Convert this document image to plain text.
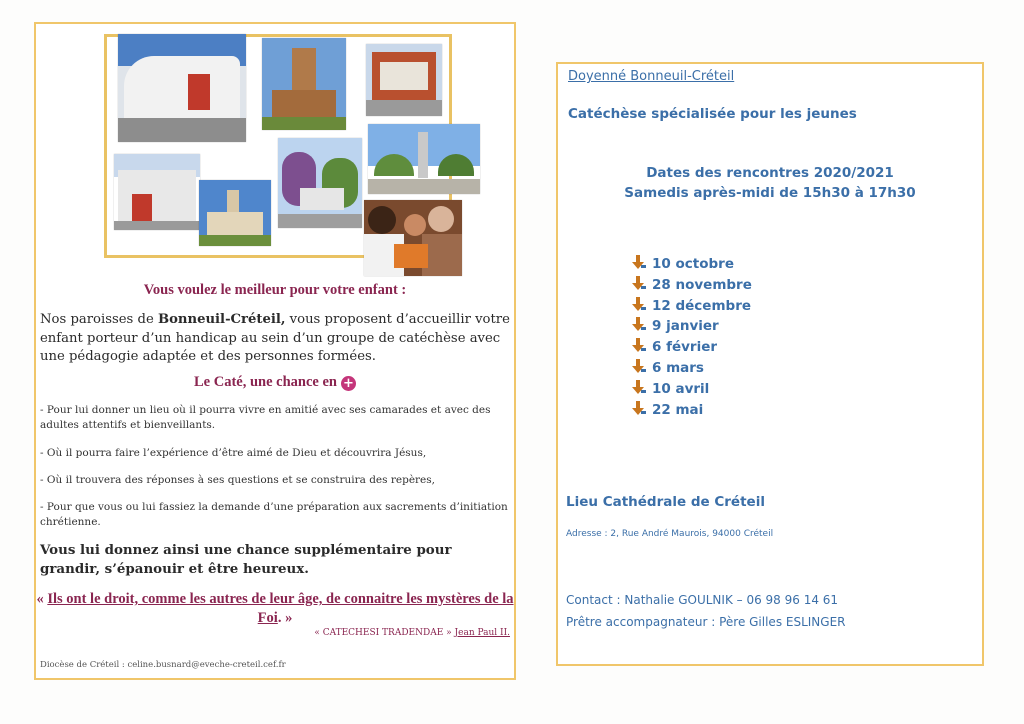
Vous voulez le meilleur pour votre enfant :
Nos paroisses de Bonneuil-Créteil, vous proposent d’accueillir votre enfant porteur d’un handicap au sein d’un groupe de catéchèse avec une pédagogie adaptée et des personnes formées.
Le Caté, une chance en +
- Pour lui donner un lieu où il pourra vivre en amitié avec ses camarades et avec des adultes attentifs et bienveillants.
- Où il pourra faire l’expérience d’être aimé de Dieu et découvrira Jésus,
- Où il trouvera des réponses à ses questions et se construira des repères,
- Pour que vous ou lui fassiez la demande d’une préparation aux sacrements d’initiation chrétienne.
Vous lui donnez ainsi une chance supplémentaire pour grandir, s’épanouir et être heureux.
« Ils ont le droit, comme les autres de leur âge, de connaitre les mystères de la Foi. »
« CATECHESI TRADENDAE » Jean Paul II.
Diocèse de Créteil : celine.busnard@eveche-creteil.cef.fr
Doyenné Bonneuil-Créteil
Catéchèse spécialisée pour les jeunes
Dates des rencontres 2020/2021
Samedis après-midi de 15h30 à 17h30
10 octobre
28 novembre
12 décembre
9 janvier
6 février
6 mars
10 avril
22 mai
Lieu Cathédrale de Créteil
Adresse : 2, Rue André Maurois, 94000 Créteil
Contact : Nathalie GOULNIK – 06 98 96 14 61
Prêtre accompagnateur : Père Gilles ESLINGER
